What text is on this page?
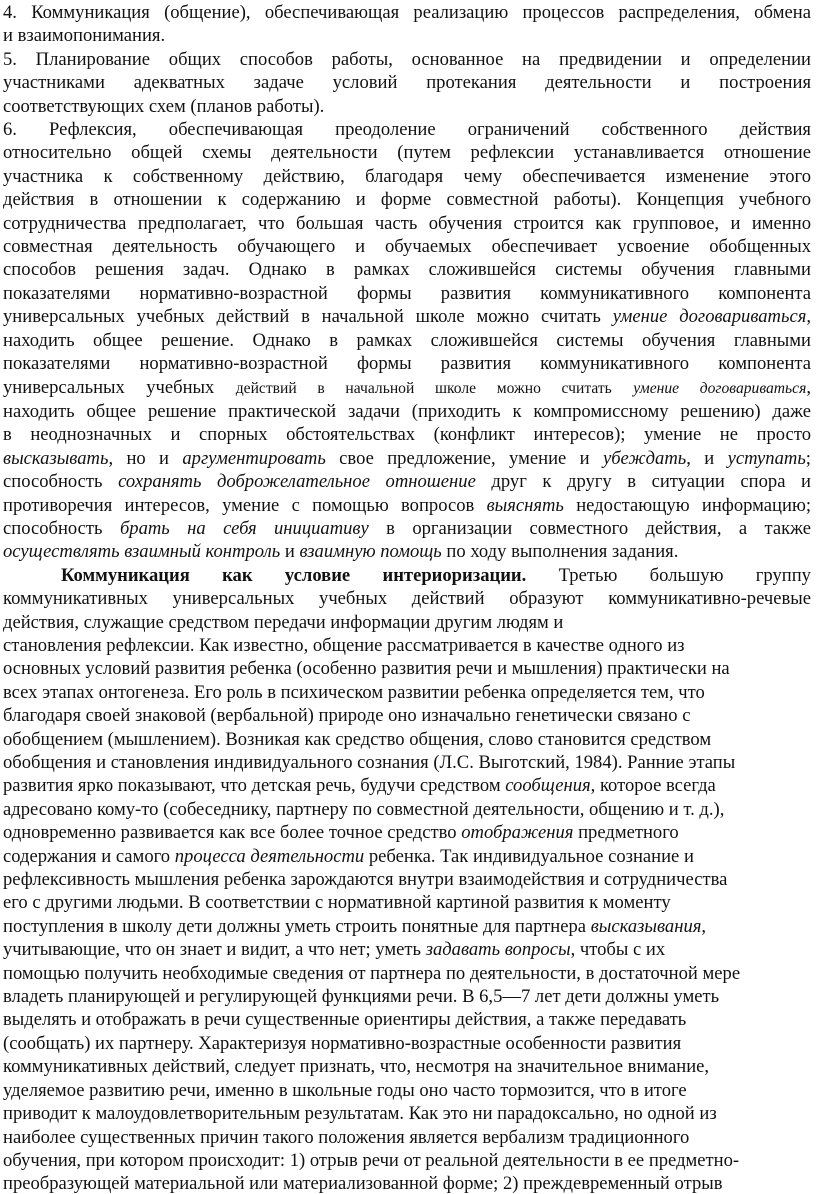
4. Коммуникация (общение), обеспечивающая реализацию процессов распределения, обмена

и взаимопонимания.

5. Планирование общих способов работы, основанное на предвидении и определении

участниками адекватных задаче условий протекания деятельности и построения

соответствующих схем (планов работы).

6. Рефлексия, обеспечивающая преодоление ограничений собственного действия

относительно общей схемы деятельности (путем рефлексии устанавливается отношение

участника к собственному действию, благодаря чему обеспечивается изменение этого

действия в отношении к содержанию и форме совместной работы). Концепция учебного

сотрудничества предполагает, что большая часть обучения строится как групповое, и именно

совместная деятельность обучающего и обучаемых обеспечивает усвоение обобщенных

способов решения задач. Однако в рамках сложившейся системы обучения главными

показателями нормативно-возрастной формы развития коммуникативного компонента

универсальных учебных действий в начальной школе можно считать умение договариваться,

находить общее решение. Однако в рамках сложившейся системы обучения главными

показателями нормативно-возрастной формы развития коммуникативного компонента

универсальных учебных действий в начальной школе можно считать умение договариваться,

находить общее решение практической задачи (приходить к компромиссному решению) даже

в неоднозначных и спорных обстоятельствах (конфликт интересов); умение не просто

высказывать, но и аргументировать свое предложение, умение и убеждать, и уступать;

способность сохранять доброжелательное отношение друг к другу в ситуации спора и

противоречия интересов, умение с помощью вопросов выяснять недостающую информацию;

способность брать на себя инициативу в организации совместного действия, а также

осуществлять взаимный контроль и взаимную помощь по ходу выполнения задания.

Коммуникация как условие интериоризации. Третью большую группу

коммуникативных универсальных учебных действий образуют коммуникативно-речевые

действия, служащие средством передачи информации другим людям и

становления рефлексии. Как известно, общение рассматривается в качестве одного из

основных условий развития ребенка (особенно развития речи и мышления) практически на

всех этапах онтогенеза. Его роль в психическом развитии ребенка определяется тем, что

благодаря своей знаковой (вербальной) природе оно изначально генетически связано с

обобщением (мышлением). Возникая как средство общения, слово становится средством

обобщения и становления индивидуального сознания (Л.С. Выготский, 1984). Ранние этапы

развития ярко показывают, что детская речь, будучи средством сообщения, которое всегда

адресовано кому-то (собеседнику, партнеру по совместной деятельности, общению и т. д.),

одновременно развивается как все более точное средство отображения предметного

содержания и самого процесса деятельности ребенка. Так индивидуальное сознание и

рефлексивность мышления ребенка зарождаются внутри взаимодействия и сотрудничества

его с другими людьми. В соответствии с нормативной картиной развития к моменту

поступления в школу дети должны уметь строить понятные для партнера высказывания,

учитывающие, что он знает и видит, а что нет; уметь задавать вопросы, чтобы с их

помощью получить необходимые сведения от партнера по деятельности, в достаточной мере

владеть планирующей и регулирующей функциями речи. В 6,5—7 лет дети должны уметь

выделять и отображать в речи существенные ориентиры действия, а также передавать

(сообщать) их партнеру. Характеризуя нормативно-возрастные особенности развития

коммуникативных действий, следует признать, что, несмотря на значительное внимание,

уделяемое развитию речи, именно в школьные годы оно часто тормозится, что в итоге

приводит к малоудовлетворительным результатам. Как это ни парадоксально, но одной из

наиболее существенных причин такого положения является вербализм традиционного

обучения, при котором происходит: 1) отрыв речи от реальной деятельности в ее предметно-

преобразующей материальной или материализованной форме; 2) преждевременный отрыв
